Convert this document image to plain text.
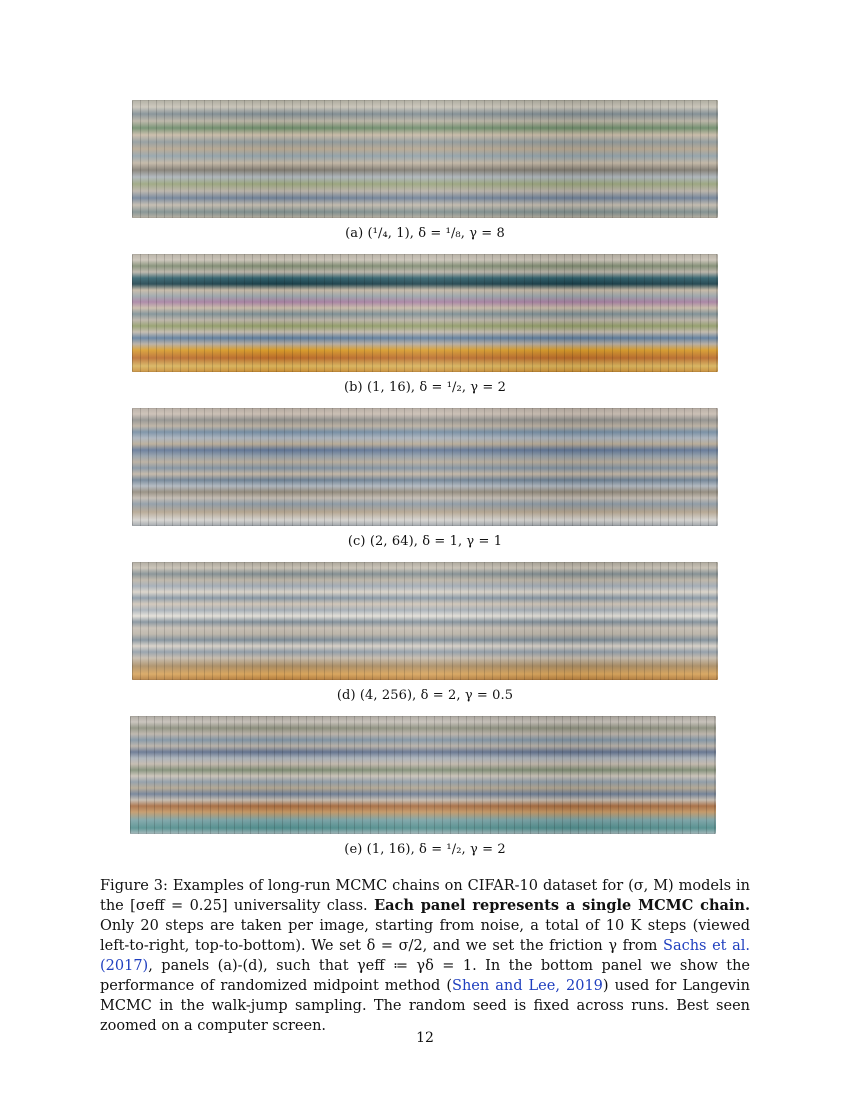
(a) (¹/₄, 1), δ = ¹/₈, γ = 8
(b) (1, 16), δ = ¹/₂, γ = 2
(c) (2, 64), δ = 1, γ = 1
(d) (4, 256), δ = 2, γ = 0.5
(e) (1, 16), δ = ¹/₂, γ = 2
Figure 3: Examples of long-run MCMC chains on CIFAR-10 dataset for (σ, M) models in the [σeff = 0.25] universality class. Each panel represents a single MCMC chain. Only 20 steps are taken per image, starting from noise, a total of 10 K steps (viewed left-to-right, top-to-bottom). We set δ = σ/2, and we set the friction γ from Sachs et al. (2017), panels (a)-(d), such that γeff ≔ γδ = 1. In the bottom panel we show the performance of randomized midpoint method (Shen and Lee, 2019) used for Langevin MCMC in the walk-jump sampling. The random seed is fixed across runs. Best seen zoomed on a computer screen.
12
